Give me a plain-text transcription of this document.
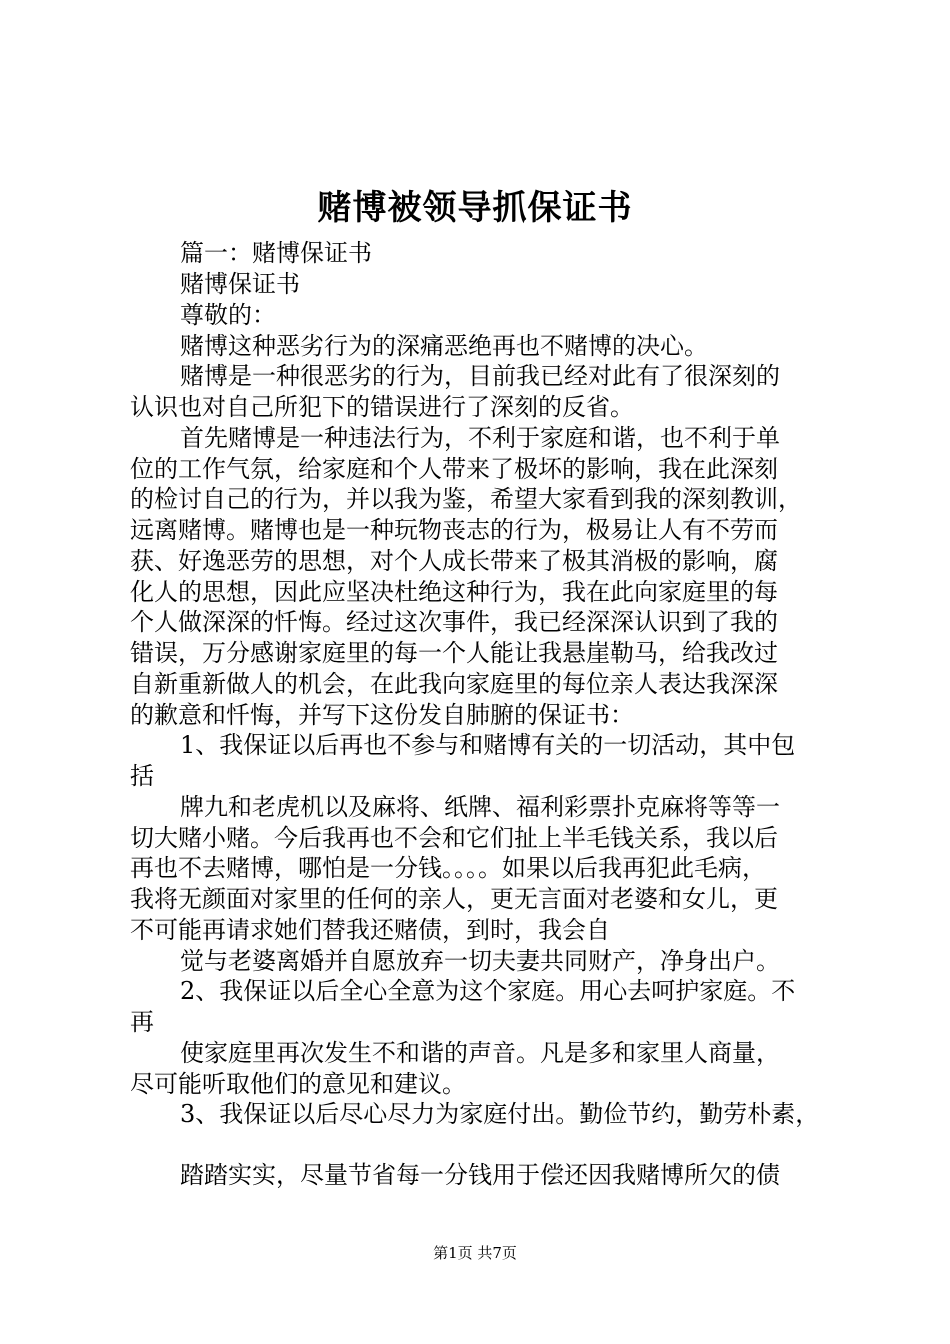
赌博被领导抓保证书
篇一：赌博保证书
赌博保证书
尊敬的：
赌博这种恶劣行为的深痛恶绝再也不赌博的决心。
赌博是一种很恶劣的行为，目前我已经对此有了很深刻的
认识也对自己所犯下的错误进行了深刻的反省。
首先赌博是一种违法行为，不利于家庭和谐，也不利于单
位的工作气氛，给家庭和个人带来了极坏的影响，我在此深刻
的检讨自己的行为，并以我为鉴，希望大家看到我的深刻教训，
远离赌博。赌博也是一种玩物丧志的行为，极易让人有不劳而
获、好逸恶劳的思想，对个人成长带来了极其消极的影响，腐
化人的思想，因此应坚决杜绝这种行为，我在此向家庭里的每
个人做深深的忏悔。经过这次事件，我已经深深认识到了我的
错误，万分感谢家庭里的每一个人能让我悬崖勒马，给我改过
自新重新做人的机会，在此我向家庭里的每位亲人表达我深深
的歉意和忏悔，并写下这份发自肺腑的保证书：
1、我保证以后再也不参与和赌博有关的一切活动，其中包
括
牌九和老虎机以及麻将、纸牌、福利彩票扑克麻将等等一
切大赌小赌。今后我再也不会和它们扯上半毛钱关系，我以后
再也不去赌博，哪怕是一分钱。。。。如果以后我再犯此毛病，
我将无颜面对家里的任何的亲人，更无言面对老婆和女儿，更
不可能再请求她们替我还赌债，到时，我会自
觉与老婆离婚并自愿放弃一切夫妻共同财产，净身出户。
2、我保证以后全心全意为这个家庭。用心去呵护家庭。不
再
使家庭里再次发生不和谐的声音。凡是多和家里人商量，
尽可能听取他们的意见和建议。
3、我保证以后尽心尽力为家庭付出。勤俭节约，勤劳朴素，
踏踏实实，尽量节省每一分钱用于偿还因我赌博所欠的债
第1页 共7页
